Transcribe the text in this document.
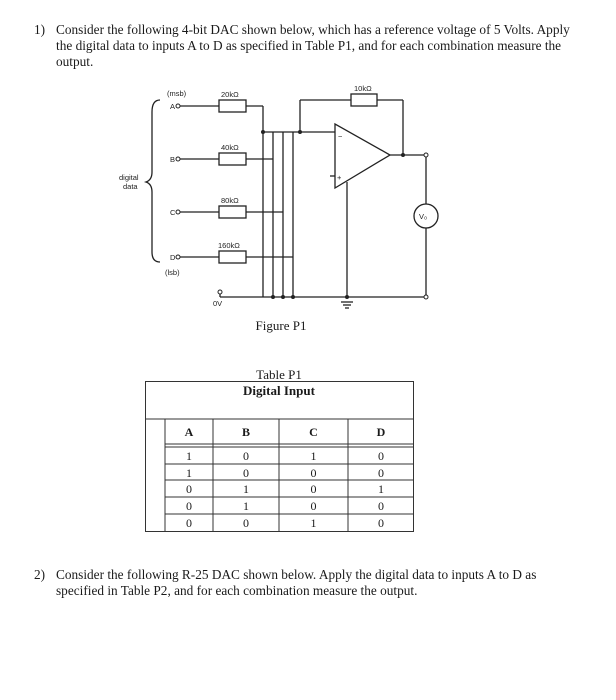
1) Consider the following 4-bit DAC shown below, which has a reference voltage of 5 Volts. Apply the digital data to inputs A to D as specified in Table P1, and for each combination measure the output.
(msb)
(lsb)
A
B
C
D
20kΩ
40kΩ
80kΩ
160kΩ
10kΩ
0V
digital
data
−
+
V₀
Figure P1
Table P1
Digital Input
A	B	C	D
1	0	1	0
1	0	0	0
0	1	0	1
0	1	0	0
0	0	1	0
2) Consider the following R-25 DAC shown below. Apply the digital data to inputs A to D as specified in Table P2, and for each combination measure the output.
